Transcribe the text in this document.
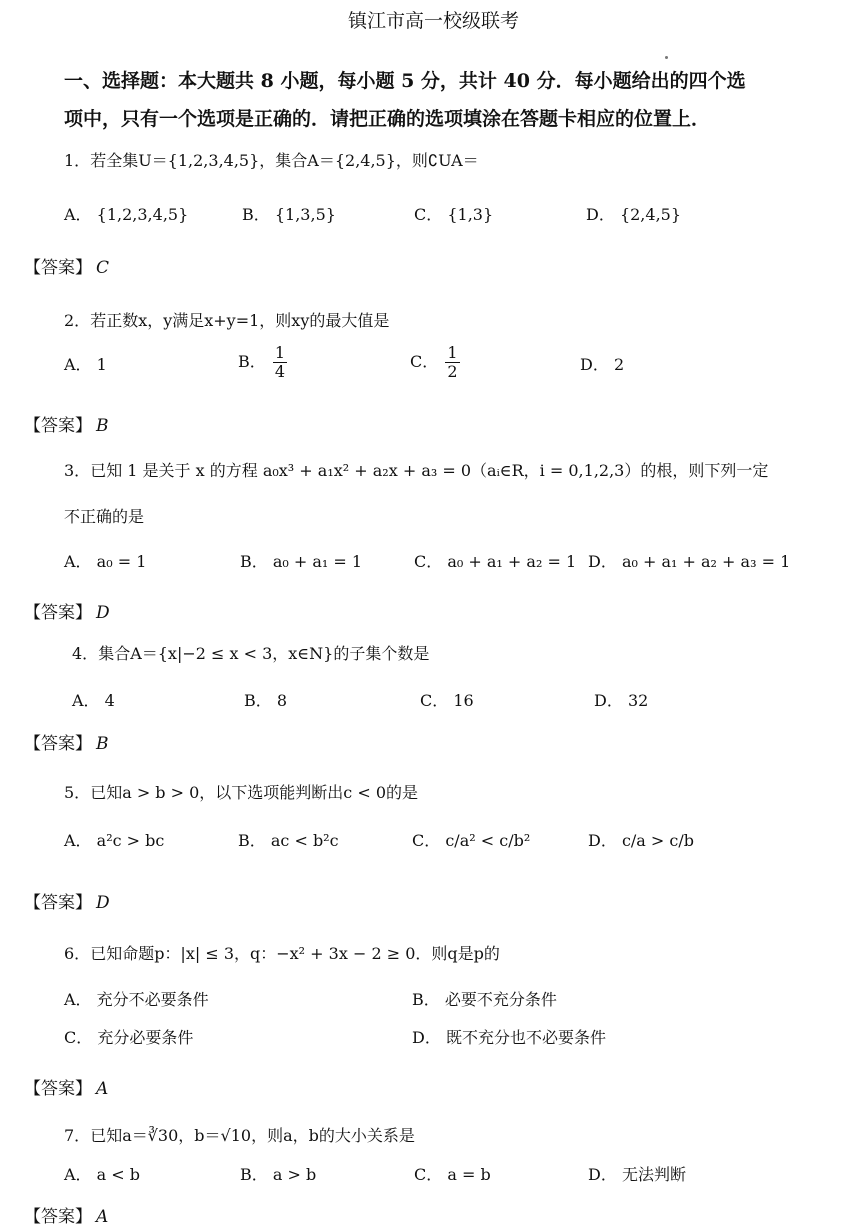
镇江市高一校级联考
一、选择题：本大题共 8 小题，每小题 5 分，共计 40 分．每小题给出的四个选
项中，只有一个选项是正确的．请把正确的选项填涂在答题卡相应的位置上．
1．若全集U＝{1,2,3,4,5}，集合A＝{2,4,5}，则∁UA＝
A． {1,2,3,4,5}	B． {1,3,5}	C． {1,3}	D． {2,4,5}
【答案】 C
2．若正数x，y满足x+y=1，则xy的最大值是
A． 1	B． $\frac{1}{4}$	C． $\frac{1}{2}$	D． 2
【答案】 B
3．已知 1 是关于 x 的方程 a₀x³ + a₁x² + a₂x + a₃ = 0（aᵢ∈R，i = 0,1,2,3）的根，则下列一定
不正确的是
A． a₀ = 1	B． a₀ + a₁ = 1	C． a₀ + a₁ + a₂ = 1 D． a₀ + a₁ + a₂ + a₃ = 1
【答案】 D
4．集合A＝{x|−2 ≤ x < 3，x∈N}的子集个数是
A． 4	B． 8	C． 16	D． 32
【答案】 B
5．已知a > b > 0，以下选项能判断出c < 0的是
A． a²c > bc	B． ac < b²c	C． c/a² < c/b²	D． c/a > c/b
【答案】 D
6．已知命题p：|x| ≤ 3，q：−x² + 3x − 2 ≥ 0．则q是p的
A． 充分不必要条件	B． 必要不充分条件
C． 充分必要条件	D． 既不充分也不必要条件
【答案】 A
7．已知a＝∛30，b＝√10，则a，b的大小关系是
A． a < b	B． a > b	C． a = b	D． 无法判断
【答案】 A
